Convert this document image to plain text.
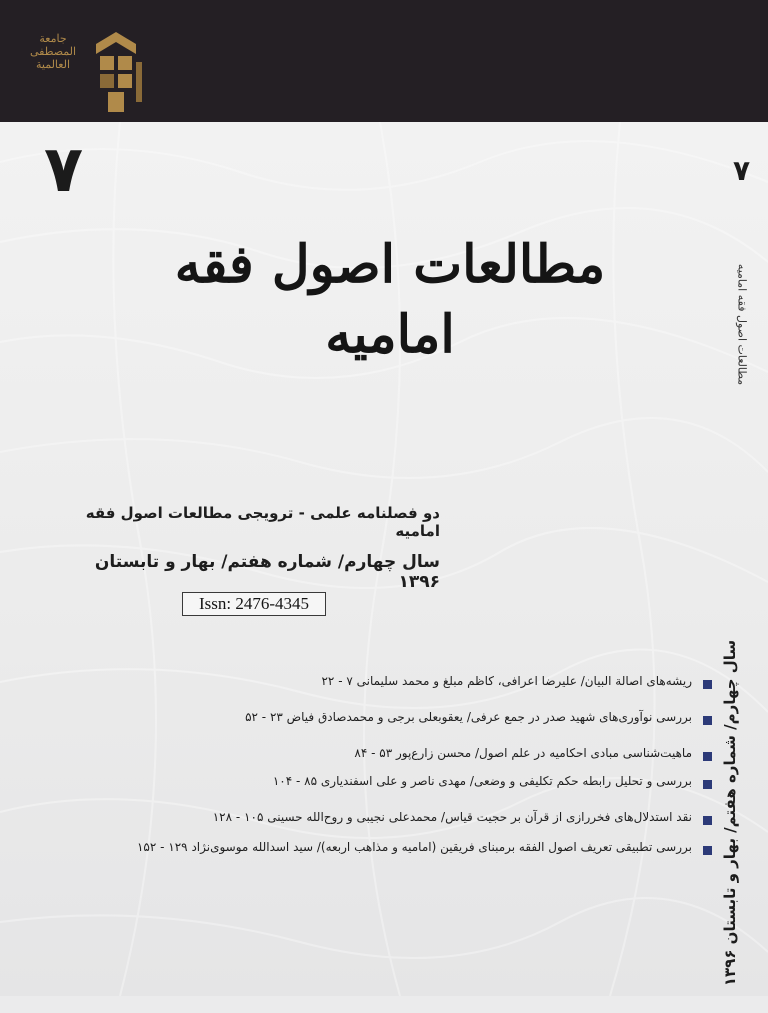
جامعة
المصطفى
العالمية
۷
مطالعات اصول فقه امامیه
۷
مطالعات اصول فقه امامیه
سال چهارم/ شماره هفتم/ بهار و تابستان ۱۳۹۶
دو فصلنامه علمی - ترویجی مطالعات اصول فقه امامیه
سال چهارم/ شماره هفتم/ بهار و تابستان ۱۳۹۶
Issn: 2476-4345
ریشه‌های اصالة البیان/ علیرضا اعرافی، کاظم مبلغ و محمد سلیمانی ۷ - ۲۲
بررسی نوآوری‌های شهید صدر در جمع عرفی/ یعقوبعلی برجی و محمدصادق فیاض ۲۳ - ۵۲
ماهیت‌شناسی مبادی احکامیه در علم اصول/ محسن زارع‌پور ۵۳ - ۸۴
بررسی و تحلیل رابطه حکم تکلیفی و وضعی/ مهدی ناصر و علی اسفندیاری ۸۵ - ۱۰۴
نقد استدلال‌های فخررازی از قرآن بر حجیت قیاس/ محمدعلی نجیبی و روح‌الله حسینی ۱۰۵ - ۱۲۸
بررسی تطبیقی تعریف اصول الفقه برمبنای فریقین (امامیه و مذاهب اربعه)/ سید اسدالله موسوی‌نژاد ۱۲۹ - ۱۵۲
